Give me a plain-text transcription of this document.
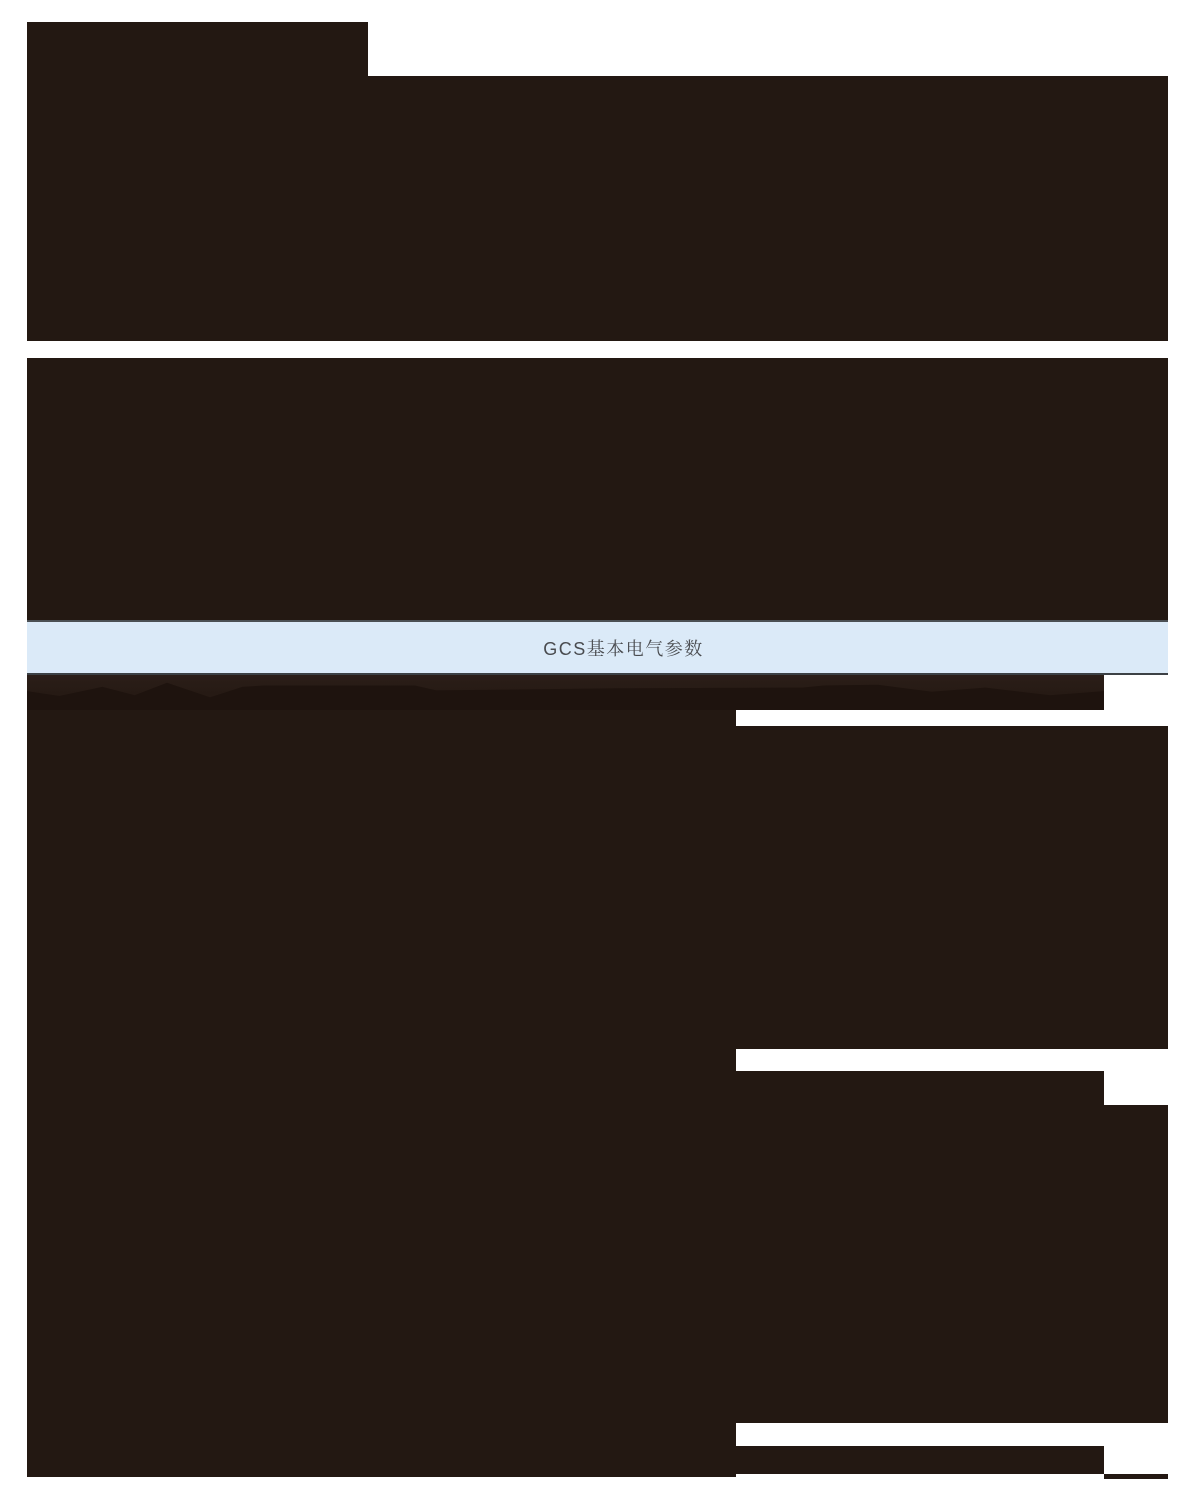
GCS基本电气参数
